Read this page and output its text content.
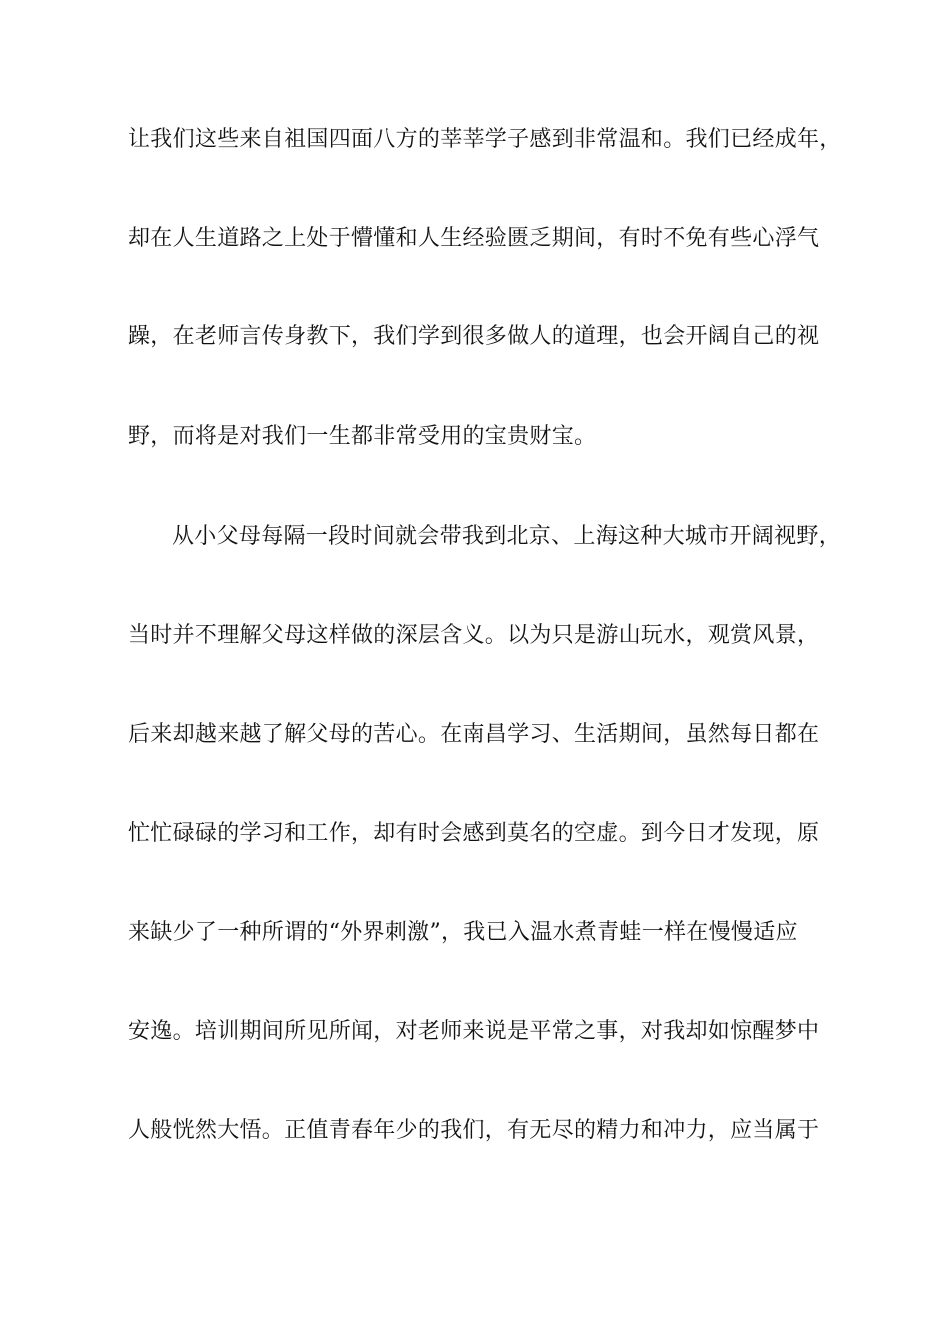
让我们这些来自祖国四面八方的莘莘学子感到非常温和。我们已经成年，

却在人生道路之上处于懵懂和人生经验匮乏期间，有时不免有些心浮气

躁，在老师言传身教下，我们学到很多做人的道理，也会开阔自己的视

野，而将是对我们一生都非常受用的宝贵财宝。

从小父母每隔一段时间就会带我到北京、上海这种大城市开阔视野，

当时并不理解父母这样做的深层含义。以为只是游山玩水，观赏风景，

后来却越来越了解父母的苦心。在南昌学习、生活期间，虽然每日都在

忙忙碌碌的学习和工作，却有时会感到莫名的空虚。到今日才发现，原

来缺少了一种所谓的“外界刺激”，我已入温水煮青蛙一样在慢慢适应

安逸。培训期间所见所闻，对老师来说是平常之事，对我却如惊醒梦中

人般恍然大悟。正值青春年少的我们，有无尽的精力和冲力，应当属于
